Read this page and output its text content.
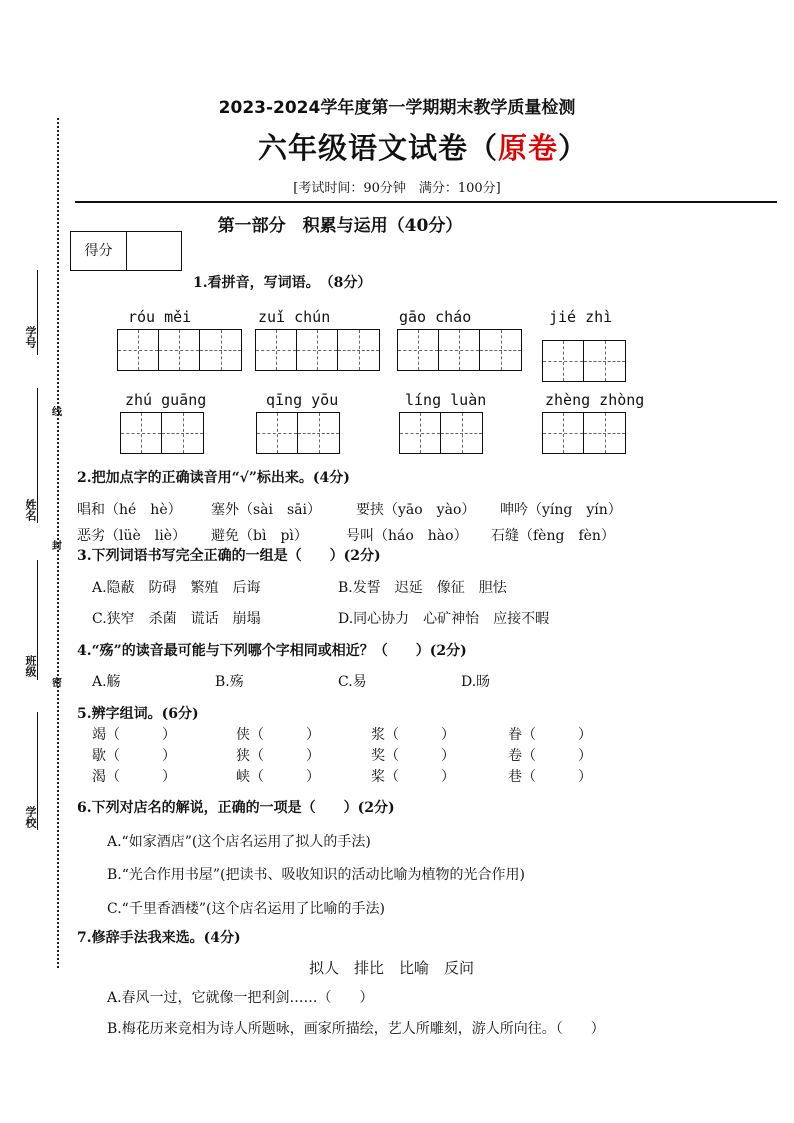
学号
姓名
班级
学校
线
封
密
2023-2024学年度第一学期期末教学质量检测
六年级语文试卷（原卷）
[考试时间：90分钟　满分：100分]
第一部分　积累与运用（40分）
得分
1.看拼音，写词语。　（8分）
róu měi	zuǐ chún	gāo cháo	jié zhì
zhú guāng	qīng yōu	líng luàn	zhèng zhòng
2.把加点字的正确读音用“√”标出来。(4分)
唱和（hé　hè） 塞外（sài　sāi） 要挟（yāo　yào） 呻吟（yíng　yín）
恶劣（lüè　liè） 避免（bì　pì）	号叫（háo　hào） 石缝（fèng　fèn）
3.下列词语书写完全正确的一组是（　　）(2分)
A.隐蔽　防碍　繁殖　后诲	B.发誓　迟延　像征　胆怯
C.狭窄　杀菌　谎话　崩塌	D.同心协力　心矿神怡　应接不暇
4.“殇”的读音最可能与下列哪个字相同或相近？（　　）(2分)
A.觞	B.殇	C.易	D.旸
5.辨字组词。(6分)
竭（　　　）	侠（　　　）	浆（　　　）	眷（　　　）
歇（　　　）	狭（　　　）	奖（　　　）	卷（　　　）
渴（　　　）	峡（　　　）	桨（　　　）	巷（　　　）
6.下列对店名的解说，正确的一项是（　　）(2分)
A.“如家酒店”(这个店名运用了拟人的手法)
B.“光合作用书屋”(把读书、吸收知识的活动比喻为植物的光合作用)
C.“千里香酒楼”(这个店名运用了比喻的手法)
7.修辞手法我来选。(4分)
拟人　排比　比喻　反问
A.春风一过，它就像一把利剑……（　　）
B.梅花历来竞相为诗人所题咏，画家所描绘，艺人所雕刻，游人所向往。（　　）
